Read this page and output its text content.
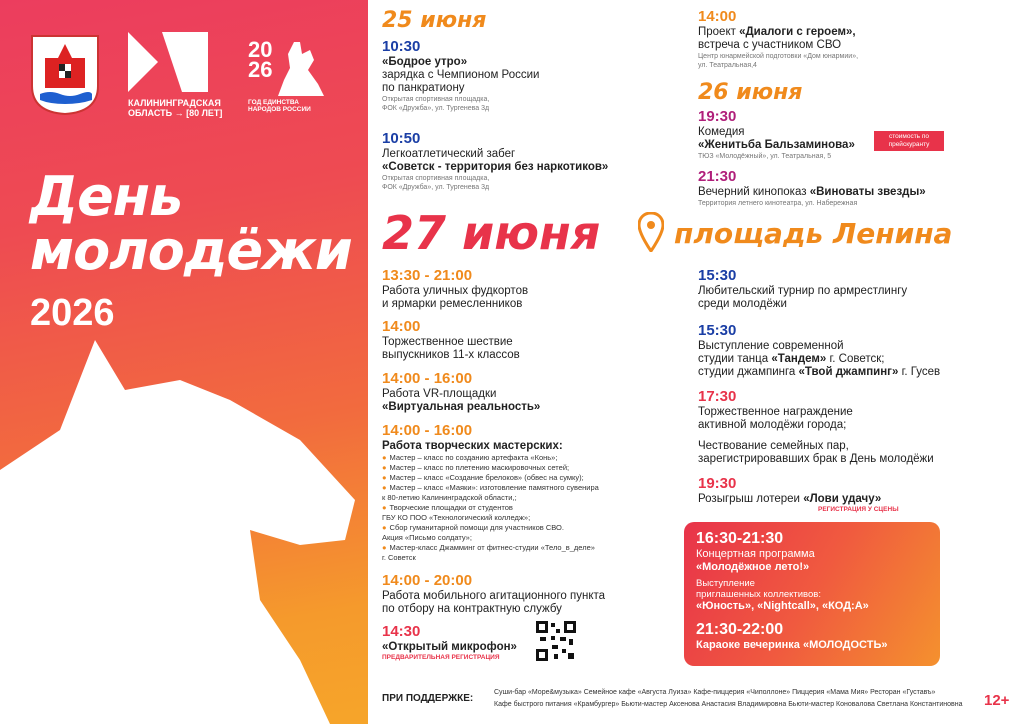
КАЛИНИНГРАДСКАЯ ОБЛАСТЬ → [80 ЛЕТ]
2026
ГОД ЕДИНСТВА НАРОДОВ РОССИИ
День
молодёжи
2026
25 июня
10:30
«Бодрое утро»
зарядка с Чемпионом России
по панкратиону
Открытая спортивная площадка,
ФОК «Дружба», ул. Тургенева 3д
10:50
Легкоатлетический забег
«Советск - территория без наркотиков»
Открытая спортивная площадка,
ФОК «Дружба», ул. Тургенева 3д
14:00
Проект «Диалоги с героем»,
встреча с участником СВО
Центр юнармейской подготовки «Дом юнармии»,
ул. Театральная,4
26 июня
19:30
Комедия
«Женитьба Бальзаминова»
ТЮЗ «Молодёжный», ул. Театральная, 5
стоимость по прейскуранту
21:30
Вечерний кинопоказ «Виноваты звезды»
Территория летнего кинотеатра, ул. Набережная
27 июня	площадь Ленина
13:30 - 21:00
Работа уличных фудкортов
и ярмарки ремесленников
14:00
Торжественное шествие
выпускников 11-х классов
14:00 - 16:00
Работа VR-площадки
«Виртуальная реальность»
14:00 - 16:00
Работа творческих мастерских:
● Мастер – класс по созданию артефакта «Конь»;
● Мастер – класс по плетению маскировочных сетей;
● Мастер – класс «Создание брелоков» (обвес на сумку);
● Мастер – класс «Маяки»: изготовление памятного сувенира
к 80-летию Калининградской области,;
● Творческие площадки от студентов
ГБУ КО ПОО «Технологический колледж»;
● Сбор гуманитарной помощи для участников СВО.
Акция «Письмо солдату»;
● Мастер-класс Джамминг от фитнес-студии «Тело_в_деле»
г. Советск
14:00 - 20:00
Работа мобильного агитационного пункта
по отбору на контрактную службу
14:30
«Открытый микрофон»
ПРЕДВАРИТЕЛЬНАЯ РЕГИСТРАЦИЯ
15:30
Любительский турнир по армрестлингу
среди молодёжи
15:30
Выступление современной
студии танца «Тандем» г. Советск;
студии джампинга «Твой джампинг» г. Гусев
17:30
Торжественное награждение
активной молодёжи города;
Чествование семейных пар,
зарегистрировавших брак в День молодёжи
19:30
Розыгрыш лотереи «Лови удачу»
РЕГИСТРАЦИЯ У СЦЕНЫ
16:30-21:30
Концертная программа
«Молодёжное лето!»
Выступление
приглашенных коллективов:
«Юность», «Nightcall», «КОД:А»
21:30-22:00
Караоке вечеринка «МОЛОДОСТЬ»
ПРИ ПОДДЕРЖКЕ:
Суши-бар «Море&музыка» Семейное кафе «Августа Луиза» Кафе-пиццерия «Чиполлоне» Пиццерия «Мама Мия» Ресторан «Густавъ»
Кафе быстрого питания «Крамбургер» Бьюти-мастер Аксенова Анастасия Владимировна Бьюти-мастер Коновалова Светлана Константиновна 12+
